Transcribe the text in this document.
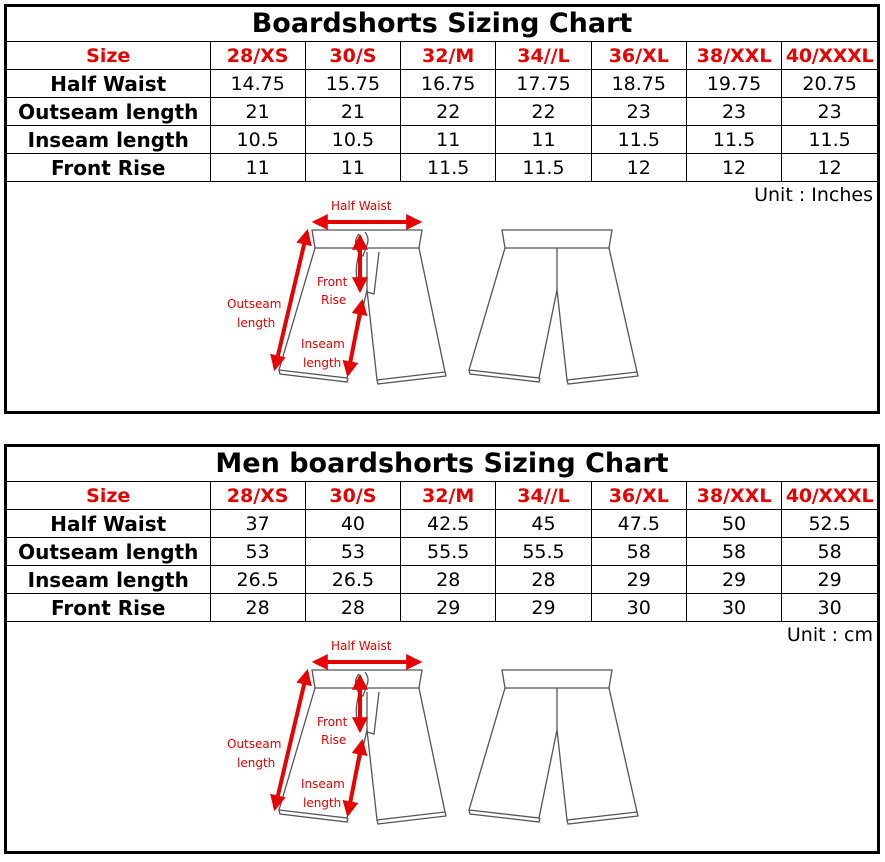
Boardshorts Sizing Chart
Size	28/XS	30/S	32/M	34//L	36/XL	38/XXL	40/XXXL
Half Waist	14.75	15.75	16.75	17.75	18.75	19.75	20.75
Outseam length	21	21	22	22	23	23	23
Inseam length	10.5	10.5	11	11	11.5	11.5	11.5
Front Rise	11	11	11.5	11.5	12	12	12
Unit : Inches
Half Waist
Front
Rise
Outseam
length
Inseam
length
Men boardshorts Sizing Chart
Size	28/XS	30/S	32/M	34//L	36/XL	38/XXL	40/XXXL
Half Waist	37	40	42.5	45	47.5	50	52.5
Outseam length	53	53	55.5	55.5	58	58	58
Inseam length	26.5	26.5	28	28	29	29	29
Front Rise	28	28	29	29	30	30	30
Unit : cm
Half Waist
Front
Rise
Outseam
length
Inseam
length
